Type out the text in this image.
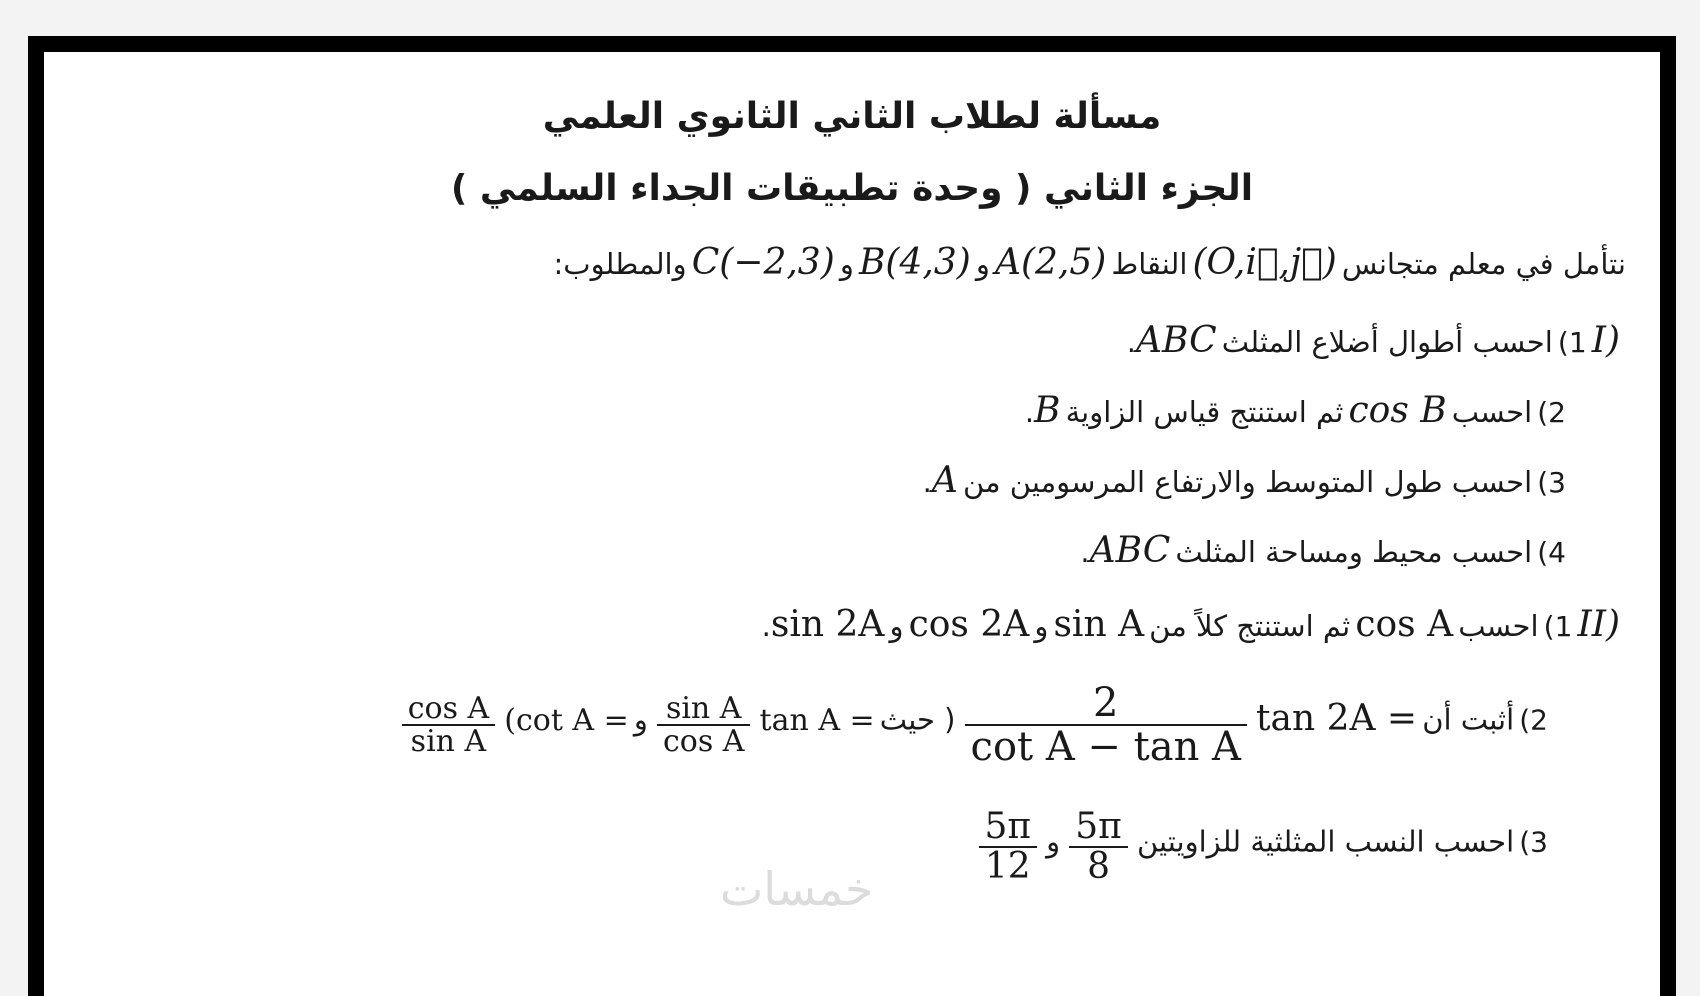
مسألة لطلاب الثاني الثانوي العلمي
الجزء الثاني ( وحدة تطبيقات الجداء السلمي )
نتأمل في معلم متجانس (O,i⃗,j⃗) النقاط A(2,5) و B(4,3) و C(−2,3) والمطلوب:
I) 1) احسب أطوال أضلاع المثلث ABC.
2) احسب cos B ثم استنتج قياس الزاوية B.
3) احسب طول المتوسط والارتفاع المرسومين من A.
4) احسب محيط ومساحة المثلث ABC.
II) 1) احسب cos A ثم استنتج كلاً من sin A و cos 2A و sin 2A.
2) أثبت أن tan 2A =
$\frac{2}{\text{cot A − tan A}}$
( حيث tan A =
$\frac{\text{sin A}}{\text{cos A}}$
و (cot A =
$\frac{\text{cos A}}{\text{sin A}}$
3) احسب النسب المثلثية للزاويتين
$\frac{5\pi}{8}$
و
$\frac{5\pi}{12}$
خمسات
